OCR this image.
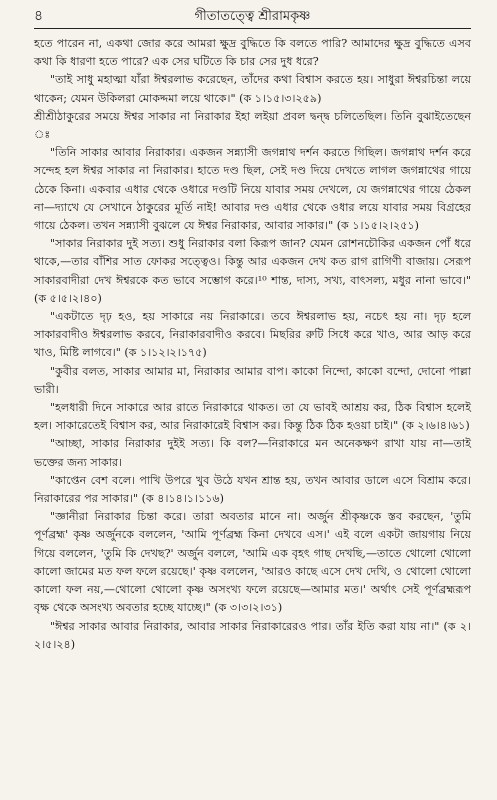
৪	গীতাতত্ত্বে শ্রীরামকৃষ্ণ

হতে পারেন না, একথা জোর করে আমরা ক্ষুদ্র বুদ্ধিতে কি বলতে পারি? আমাদের ক্ষুদ্র বুদ্ধিতে এসব কথা কি ধারণা হতে পারে? এক সের ঘটিতে কি চার সের দুধ ধরে?

"তাই সাধু মহাত্মা যাঁরা ঈশ্বরলাভ করেছেন, তাঁদের কথা বিশ্বাস করতে হয়। সাধুরা ঈশ্বরচিন্তা লয়ে থাকেন; যেমন উকিলরা মোকদ্দমা লয়ে থাকে।" (ক ১।১৫।৩।২৫৯)

শ্রীশ্রীঠাকুরের সময়ে ঈশ্বর সাকার না নিরাকার ইহা লইয়া প্রবল দ্বন্দ্ব চলিতেছিল। তিনি বুঝাইতেছেন ঃ

"তিনি সাকার আবার নিরাকার। একজন সন্ন্যাসী জগন্নাথ দর্শন করতে গিছিল। জগন্নাথ দর্শন করে সন্দেহ হল ঈশ্বর সাকার না নিরাকার। হাতে দণ্ড ছিল, সেই দণ্ড দিয়ে দেখতে লাগল জগন্নাথের গায়ে ঠেকে কিনা। একবার এধার থেকে ওধারে দণ্ডটি নিয়ে যাবার সময় দেখলে, যে জগন্নাথের গায়ে ঠেকল না—দ্যাখে যে সেখানে ঠাকুরের মূর্তি নাই! আবার দণ্ড এধার থেকে ওধার লয়ে যাবার সময় বিগ্রহের গায়ে ঠেকল। তখন সন্ন্যাসী বুঝলে যে ঈশ্বর নিরাকার, আবার সাকার।" (ক ১।১৫।২।২৫১)

"সাকার নিরাকার দুই সত্য। শুধু নিরাকার বলা কিরূপ জান? যেমন রোশনচৌকির একজন পোঁ ধরে থাকে,—তার বাঁশির সাত ফোকর সত্ত্বেও। কিন্তু আর একজন দেখ কত রাগ রাগিণী বাজায়। সেরূপ সাকারবাদীরা দেখ ঈশ্বরকে কত ভাবে সম্ভোগ করে।¹⁰ শান্ত, দাস্য, সখ্য, বাৎসল্য, মধুর নানা ভাবে।" (ক ৫।৫।২।৪০)

"একটাতে দৃঢ় হও, হয় সাকারে নয় নিরাকারে। তবে ঈশ্বরলাভ হয়, নচেৎ হয় না। দৃঢ় হলে সাকারবাদীও ঈশ্বরলাভ করবে, নিরাকারবাদীও করবে। মিছরির রুটি সিধে করে খাও, আর আড় করে খাও, মিষ্টি লাগবে।" (ক ১।১২।২।১৭৫)

"কুবীর বলত, সাকার আমার মা, নিরাকার আমার বাপ। কাকো নিন্দো, কাকো বন্দো, দোনো পাল্লা ভারী।

"হলধারী দিনে সাকারে আর রাতে নিরাকারে থাকত। তা যে ভাবই আশ্রয় কর, ঠিক বিশ্বাস হলেই হল। সাকারেতেই বিশ্বাস কর, আর নিরাকারেই বিশ্বাস কর। কিন্তু ঠিক ঠিক হওয়া চাই।" (ক ২।৬।৪।৬১)

"আচ্ছা, সাকার নিরাকার দুইই সত্য। কি বল?—নিরাকারে মন অনেকক্ষণ রাখা যায় না—তাই ভক্তের জন্য সাকার।

"কাপ্তেন বেশ বলে। পাখি উপরে খুব উঠে যখন শ্রান্ত হয়, তখন আবার ডালে এসে বিশ্রাম করে। নিরাকারের পর সাকার।" (ক ৪।১৪।১।১১৬)

"জ্ঞানীরা নিরাকার চিন্তা করে। তারা অবতার মানে না। অর্জুন শ্রীকৃষ্ণকে স্তব করছেন, 'তুমি পূর্ণব্রহ্ম' কৃষ্ণ অর্জুনকে বললেন, 'আমি পূর্ণব্রহ্ম কিনা দেখবে এস।' এই বলে একটা জায়গায় নিয়ে গিয়ে বললেন, 'তুমি কি দেখছ?' অর্জুন বললে, 'আমি এক বৃহৎ গাছ দেখছি,—তাতে থোলো থোলো কালো জামের মত ফল ফলে রয়েছে।' কৃষ্ণ বললেন, 'আরও কাছে এসে দেখ দেখি, ও থোলো থোলো কালো ফল নয়,—থোলো থোলো কৃষ্ণ অসংখ্য ফলে রয়েছে—আমার মত।' অর্থাৎ সেই পূর্ণব্রহ্মরূপ বৃক্ষ থেকে অসংখ্য অবতার হচ্ছে যাচ্ছে।" (ক ৩।৩।২।৩১)

"ঈশ্বর সাকার আবার নিরাকার, আবার সাকার নিরাকারেরও পার। তাঁর ইতি করা যায় না।" (ক ২।২।৫।২৪)
